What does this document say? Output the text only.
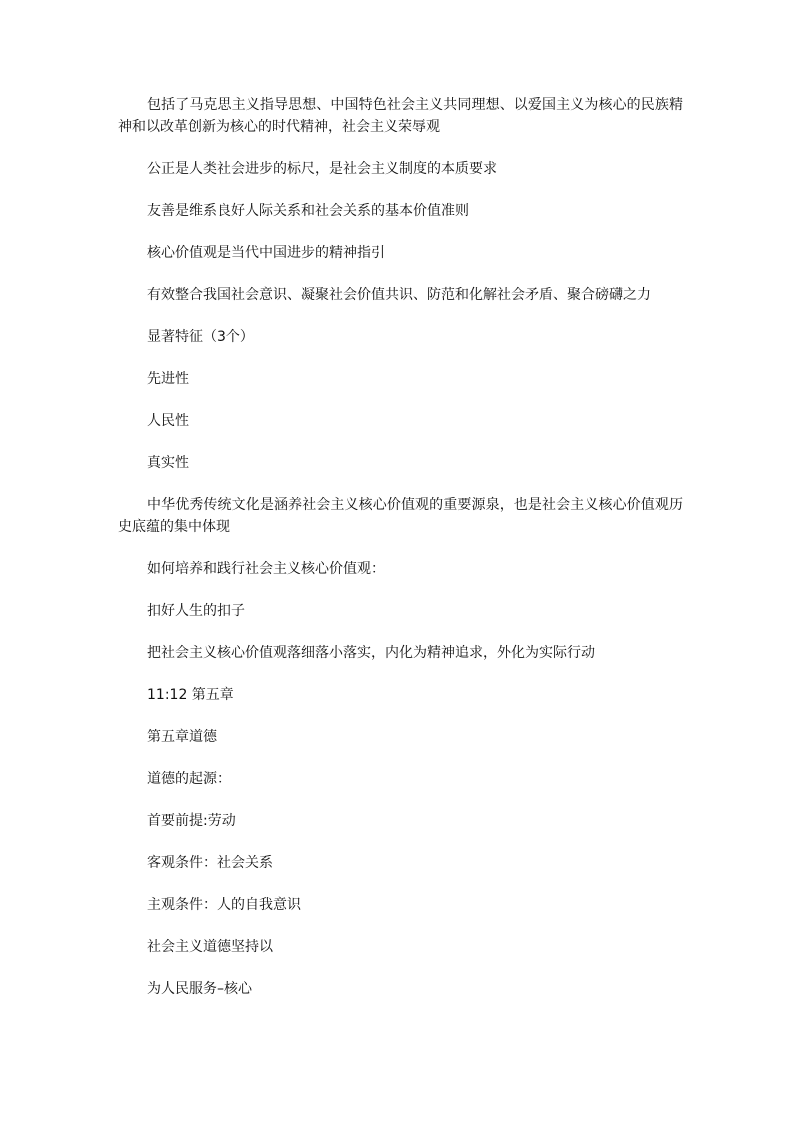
包括了马克思主义指导思想、中国特色社会主义共同理想、以爱国主义为核心的民族精神和以改革创新为核心的时代精神，社会主义荣辱观

公正是人类社会进步的标尺，是社会主义制度的本质要求

友善是维系良好人际关系和社会关系的基本价值准则

核心价值观是当代中国进步的精神指引

有效整合我国社会意识、凝聚社会价值共识、防范和化解社会矛盾、聚合磅礴之力

显著特征（3个）

先进性

人民性

真实性

中华优秀传统文化是涵养社会主义核心价值观的重要源泉，也是社会主义核心价值观历史底蕴的集中体现

如何培养和践行社会主义核心价值观：

扣好人生的扣子

把社会主义核心价值观落细落小落实，内化为精神追求，外化为实际行动

11:12 第五章

第五章道德

道德的起源：

首要前提:劳动

客观条件：社会关系

主观条件：人的自我意识

社会主义道德坚持以

为人民服务–核心
